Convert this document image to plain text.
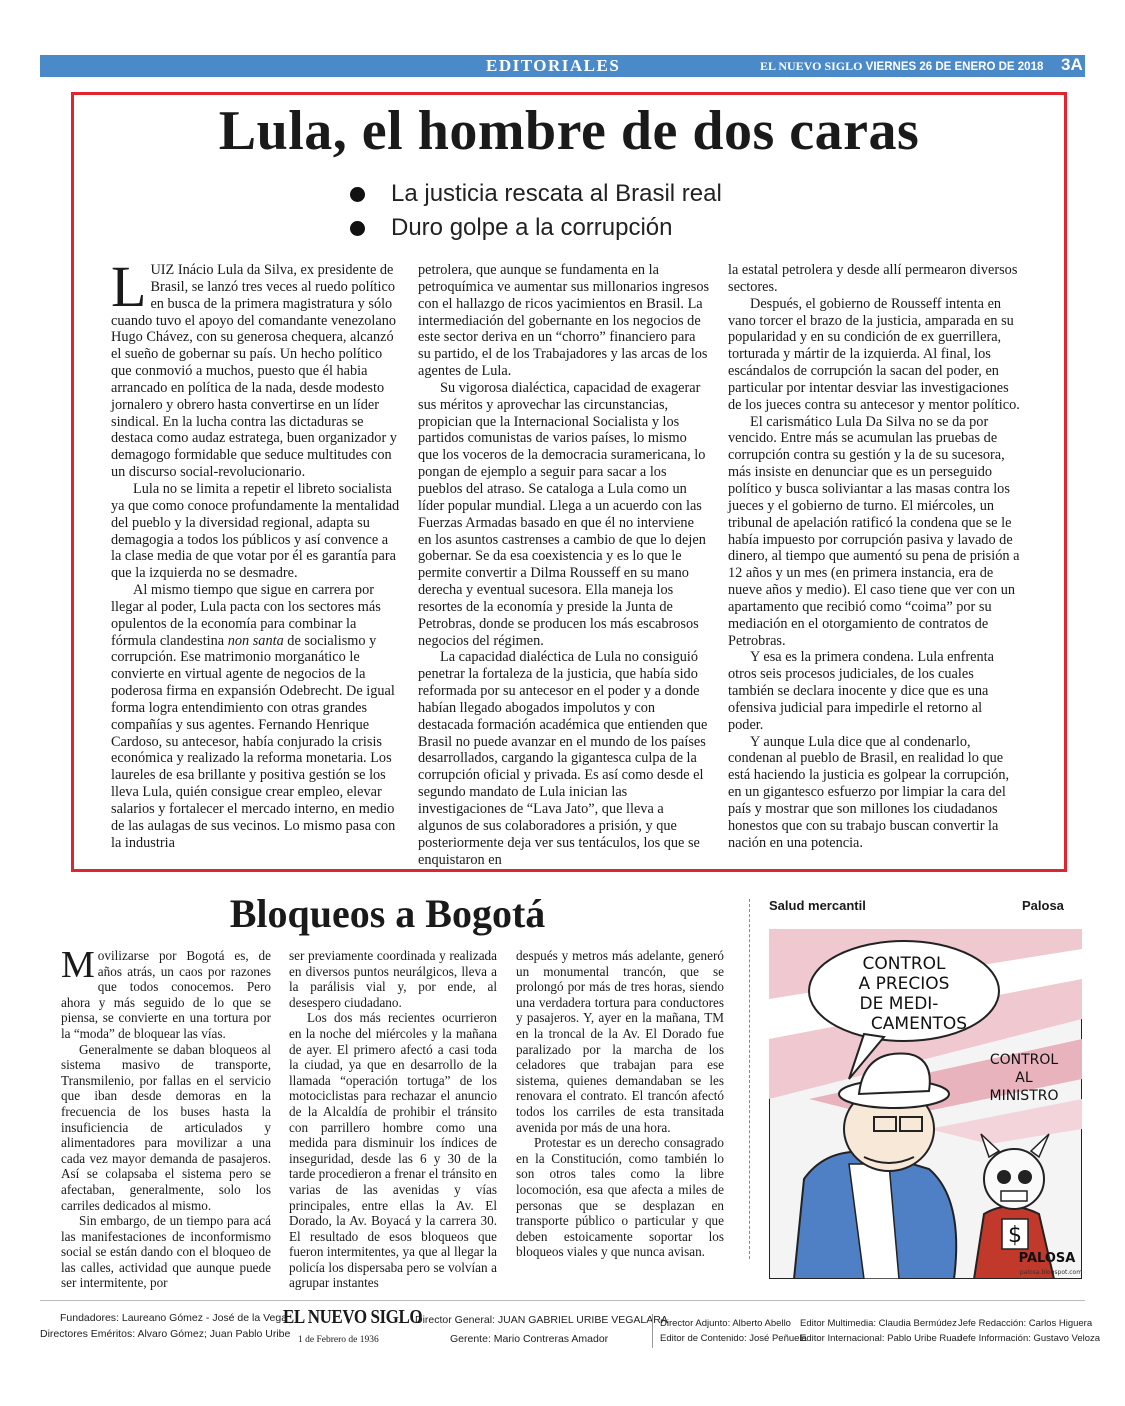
EDITORIALES	EL NUEVO SIGLO VIERNES 26 DE ENERO DE 2018 3A
Lula, el hombre de dos caras
La justicia rescata al Brasil real
Duro golpe a la corrupción

LUIZ Inácio Lula da Silva, ex presidente de Brasil, se lanzó tres veces al ruedo político en busca de la primera magistratura y sólo cuando tuvo el apoyo del comandante venezolano Hugo Chávez, con su generosa chequera, alcanzó el sueño de gobernar su país. Un hecho político que conmovió a muchos, puesto que él habia arrancado en política de la nada, desde modesto jornalero y obrero hasta convertirse en un líder sindical. En la lucha contra las dictaduras se destaca como audaz estratega, buen organizador y demagogo formidable que seduce multitudes con un discurso social-revolucionario.

Lula no se limita a repetir el libreto socialista ya que como conoce profundamente la mentalidad del pueblo y la diversidad regional, adapta su demagogia a todos los públicos y así convence a la clase media de que votar por él es garantía para que la izquierda no se desmadre.

Al mismo tiempo que sigue en carrera por llegar al poder, Lula pacta con los sectores más opulentos de la economía para combinar la fórmula clandestina non santa de socialismo y corrupción. Ese matrimonio morganático le convierte en virtual agente de negocios de la poderosa firma en expansión Odebrecht. De igual forma logra entendimiento con otras grandes compañías y sus agentes. Fernando Henrique Cardoso, su antecesor, había conjurado la crisis económica y realizado la reforma monetaria. Los laureles de esa brillante y positiva gestión se los lleva Lula, quién consigue crear empleo, elevar salarios y fortalecer el mercado interno, en medio de las aulagas de sus vecinos. Lo mismo pasa con la industria

petrolera, que aunque se fundamenta en la petroquímica ve aumentar sus millonarios ingresos con el hallazgo de ricos yacimientos en Brasil. La intermediación del gobernante en los negocios de este sector deriva en un “chorro” financiero para su partido, el de los Trabajadores y las arcas de los agentes de Lula.

Su vigorosa dialéctica, capacidad de exagerar sus méritos y aprovechar las circunstancias, propician que la Internacional Socialista y los partidos comunistas de varios países, lo mismo que los voceros de la democracia suramericana, lo pongan de ejemplo a seguir para sacar a los pueblos del atraso. Se cataloga a Lula como un líder popular mundial. Llega a un acuerdo con las Fuerzas Armadas basado en que él no interviene en los asuntos castrenses a cambio de que lo dejen gobernar. Se da esa coexistencia y es lo que le permite convertir a Dilma Rousseff en su mano derecha y eventual sucesora. Ella maneja los resortes de la economía y preside la Junta de Petrobras, donde se producen los más escabrosos negocios del régimen.

La capacidad dialéctica de Lula no consiguió penetrar la fortaleza de la justicia, que había sido reformada por su antecesor en el poder y a donde habían llegado abogados impolutos y con destacada formación académica que entienden que Brasil no puede avanzar en el mundo de los países desarrollados, cargando la gigantesca culpa de la corrupción oficial y privada. Es así como desde el segundo mandato de Lula inician las investigaciones de “Lava Jato”, que lleva a algunos de sus colaboradores a prisión, y que posteriormente deja ver sus tentáculos, los que se enquistaron en

la estatal petrolera y desde allí permearon diversos sectores.

Después, el gobierno de Rousseff intenta en vano torcer el brazo de la justicia, amparada en su popularidad y en su condición de ex guerrillera, torturada y mártir de la izquierda. Al final, los escándalos de corrupción la sacan del poder, en particular por intentar desviar las investigaciones de los jueces contra su antecesor y mentor político.

El carismático Lula Da Silva no se da por vencido. Entre más se acumulan las pruebas de corrupción contra su gestión y la de su sucesora, más insiste en denunciar que es un perseguido político y busca soliviantar a las masas contra los jueces y el gobierno de turno. El miércoles, un tribunal de apelación ratificó la condena que se le había impuesto por corrupción pasiva y lavado de dinero, al tiempo que aumentó su pena de prisión a 12 años y un mes (en primera instancia, era de nueve años y medio). El caso tiene que ver con un apartamento que recibió como “coima” por su mediación en el otorgamiento de contratos de Petrobras.

Y esa es la primera condena. Lula enfrenta otros seis procesos judiciales, de los cuales también se declara inocente y dice que es una ofensiva judicial para impedirle el retorno al poder.

Y aunque Lula dice que al condenarlo, condenan al pueblo de Brasil, en realidad lo que está haciendo la justicia es golpear la corrupción, en un gigantesco esfuerzo por limpiar la cara del país y mostrar que son millones los ciudadanos honestos que con su trabajo buscan convertir la nación en una potencia.

Bloqueos a Bogotá

Movilizarse por Bogotá es, de años atrás, un caos por razones que todos conocemos. Pero ahora y más seguido de lo que se piensa, se convierte en una tortura por la “moda” de bloquear las vías.

Generalmente se daban bloqueos al sistema masivo de transporte, Transmilenio, por fallas en el servicio que iban desde demoras en la frecuencia de los buses hasta la insuficiencia de articulados y alimentadores para movilizar a una cada vez mayor demanda de pasajeros. Así se colapsaba el sistema pero se afectaban, generalmente, solo los carriles dedicados al mismo.

Sin embargo, de un tiempo para acá las manifestaciones de inconformismo social se están dando con el bloqueo de las calles, actividad que aunque puede ser intermitente, por

ser previamente coordinada y realizada en diversos puntos neurálgicos, lleva a la parálisis vial y, por ende, al desespero ciudadano.

Los dos más recientes ocurrieron en la noche del miércoles y la mañana de ayer. El primero afectó a casi toda la ciudad, ya que en desarrollo de la llamada “operación tortuga” de los motociclistas para rechazar el anuncio de la Alcaldía de prohibir el tránsito con parrillero hombre como una medida para disminuir los índices de inseguridad, desde las 6 y 30 de la tarde procedieron a frenar el tránsito en varias de las avenidas y vías principales, entre ellas la Av. El Dorado, la Av. Boyacá y la carrera 30. El resultado de esos bloqueos que fueron intermitentes, ya que al llegar la policía los dispersaba pero se volvían a agrupar instantes

después y metros más adelante, generó un monumental trancón, que se prolongó por más de tres horas, siendo una verdadera tortura para conductores y pasajeros. Y, ayer en la mañana, TM en la troncal de la Av. El Dorado fue paralizado por la marcha de los celadores que trabajan para ese sistema, quienes demandaban se les renovara el contrato. El trancón afectó todos los carriles de esta transitada avenida por más de una hora.

Protestar es un derecho consagrado en la Constitución, como también lo son otros tales como la libre locomoción, esa que afecta a miles de personas que se desplazan en transporte público o particular y que deben estoicamente soportar los bloqueos viales y que nunca avisan.

Salud mercantil	Palosa
CONTROL
A PRECIOS
DE MEDI-
CAMENTOS
CONTROL
AL
MINISTRO
$
PALOSA
palosa.blogspot.com
Fundadores: Laureano Gómez - José de la Vega
Directores Eméritos: Alvaro Gómez; Juan Pablo Uribe
EL NUEVO SIGLO
1 de Febrero de 1936
Director General: JUAN GABRIEL URIBE VEGALARA
Gerente: Mario Contreras Amador
Director Adjunto: Alberto Abello
Editor de Contenido: José Peñuela
Editor Multimedia: Claudia Bermúdez
Editor Internacional: Pablo Uribe Ruan
Jefe Redacción: Carlos Higuera
Jefe Información: Gustavo Veloza
